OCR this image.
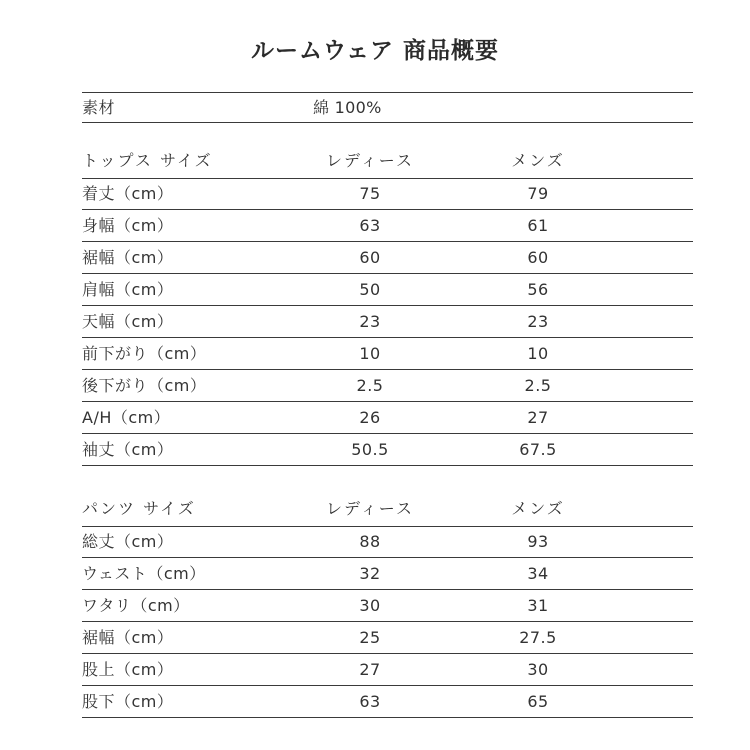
ルームウェア 商品概要
素材	綿 100%
トップス サイズ	レディース	メンズ
着丈（cm）	75	79
身幅（cm）	63	61
裾幅（cm）	60	60
肩幅（cm）	50	56
天幅（cm）	23	23
前下がり（cm）	10	10
後下がり（cm）	2.5	2.5
A/H（cm）	26	27
袖丈（cm）	50.5	67.5
パンツ サイズ	レディース	メンズ
総丈（cm）	88	93
ウェスト（cm）	32	34
ワタリ（cm）	30	31
裾幅（cm）	25	27.5
股上（cm）	27	30
股下（cm）	63	65
